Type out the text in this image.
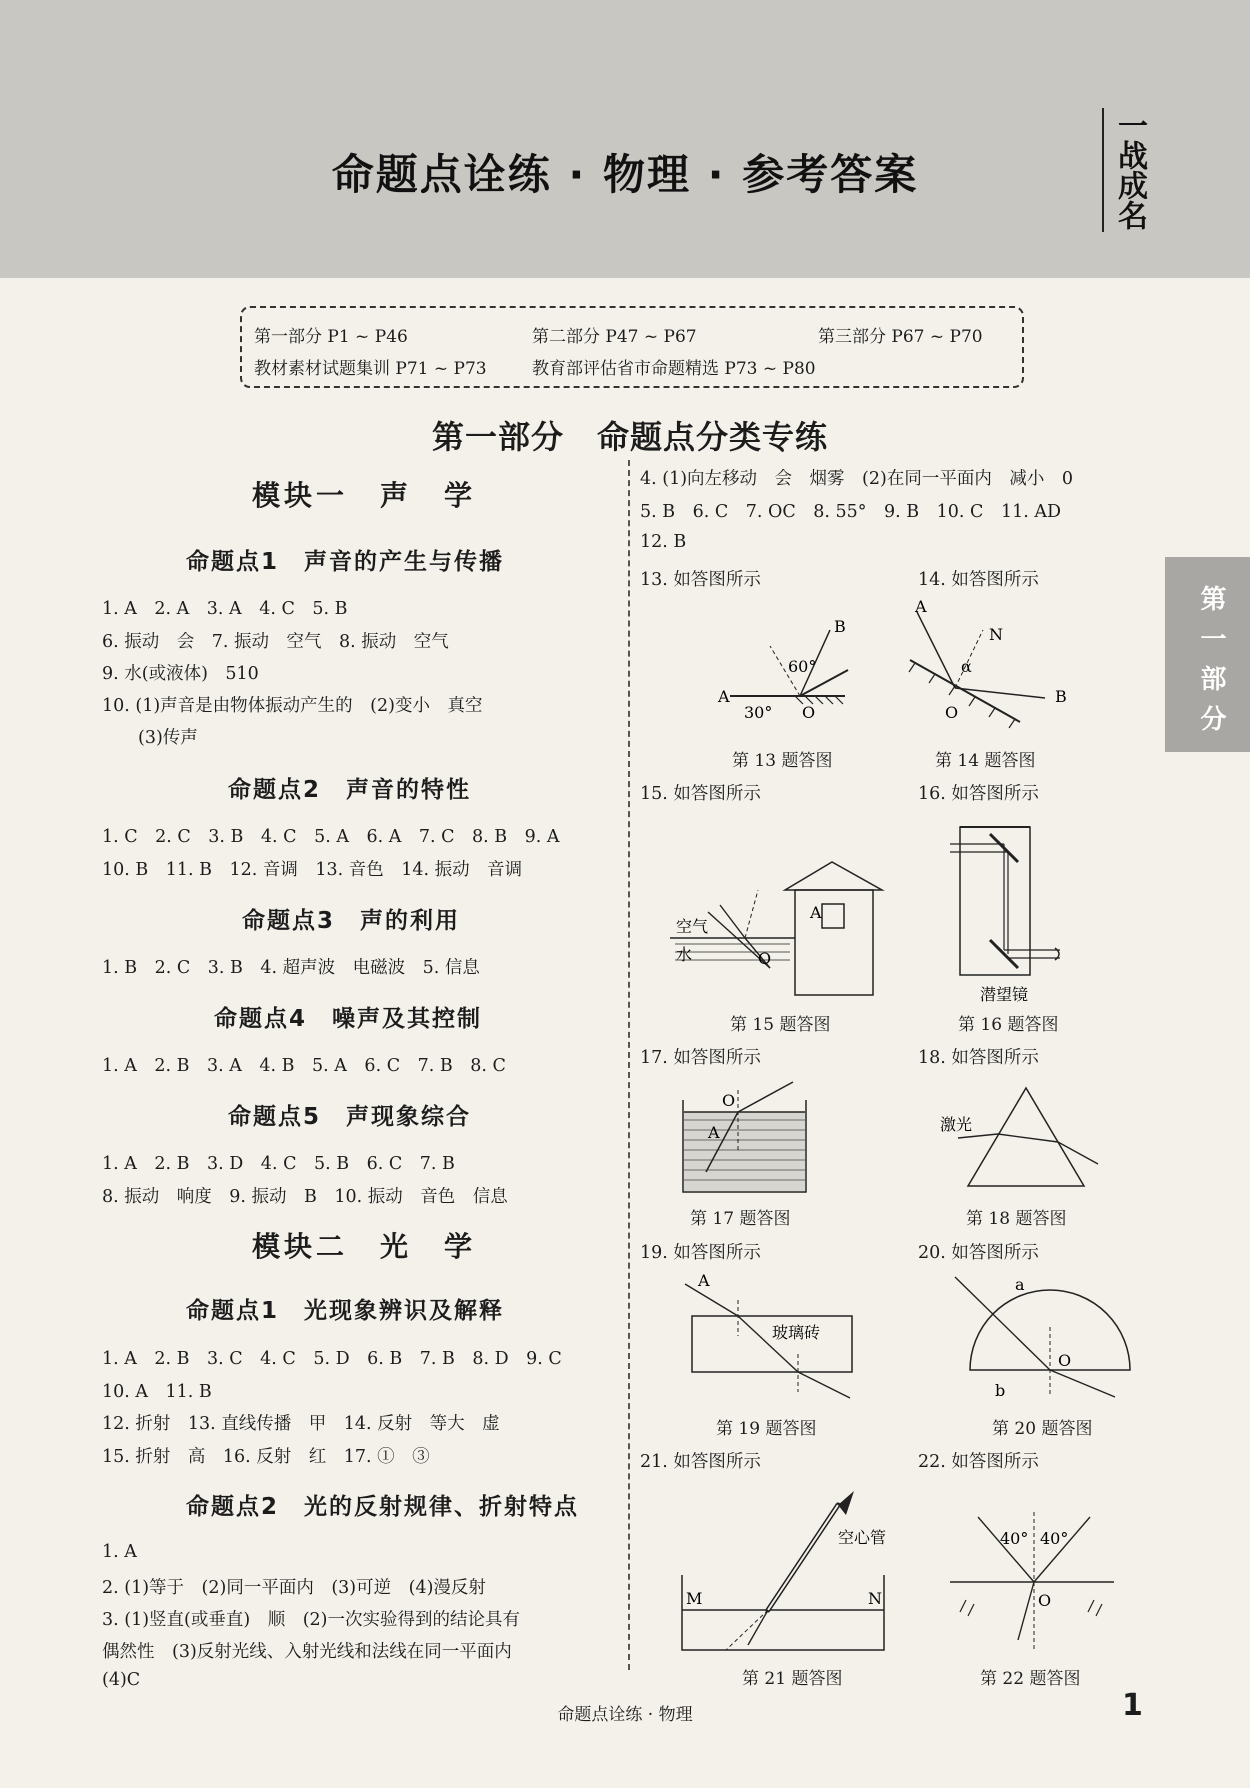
命题点诠练 · 物理 · 参考答案	一战成名
第一部分 P1 ~ P46	第二部分 P47 ~ P67	第三部分 P67 ~ P70
教材素材试题集训 P71 ~ P73	教育部评估省市命题精选 P73 ~ P80
第一部分　命题点分类专练
第一部分
模块一　声　学
命题点1　声音的产生与传播
1. A　2. A　3. A　4. C　5. B
6. 振动　会　7. 振动　空气　8. 振动　空气
9. 水(或液体)　510
10. (1)声音是由物体振动产生的　(2)变小　真空
(3)传声
命题点2　声音的特性
1. C　2. C　3. B　4. C　5. A　6. A　7. C　8. B　9. A
10. B　11. B　12. 音调　13. 音色　14. 振动　音调
命题点3　声的利用
1. B　2. C　3. B　4. 超声波　电磁波　5. 信息
命题点4　噪声及其控制
1. A　2. B　3. A　4. B　5. A　6. C　7. B　8. C
命题点5　声现象综合
1. A　2. B　3. D　4. C　5. B　6. C　7. B
8. 振动　响度　9. 振动　B　10. 振动　音色　信息
模块二　光　学
命题点1　光现象辨识及解释
1. A　2. B　3. C　4. C　5. D　6. B　7. B　8. D　9. C
10. A　11. B
12. 折射　13. 直线传播　甲　14. 反射　等大　虚
15. 折射　高　16. 反射　红　17. ①　③
命题点2　光的反射规律、折射特点
1. A
2. (1)等于　(2)同一平面内　(3)可逆　(4)漫反射
3. (1)竖直(或垂直)　顺　(2)一次实验得到的结论具有
偶然性　(3)反射光线、入射光线和法线在同一平面内
(4)C
4. (1)向左移动　会　烟雾　(2)在同一平面内　减小　0
5. B　6. C　7. OC　8. 55°　9. B　10. C　11. AD
12. B
13. 如答图所示	14. 如答图所示
A
B
O
60°
30°
第 13 题答图
A
N
O
B
α
第 14 题答图
15. 如答图所示	16. 如答图所示
空气
水	O
A
第 15 题答图
潜望镜
第 16 题答图
17. 如答图所示	18. 如答图所示
O
A
第 17 题答图
激光
第 18 题答图
19. 如答图所示	20. 如答图所示
A
玻璃砖
第 19 题答图
a
O
b
第 20 题答图
21. 如答图所示	22. 如答图所示
M	N
空心管
第 21 题答图
40° 40°
O
第 22 题答图
命题点诠练 · 物理	1
